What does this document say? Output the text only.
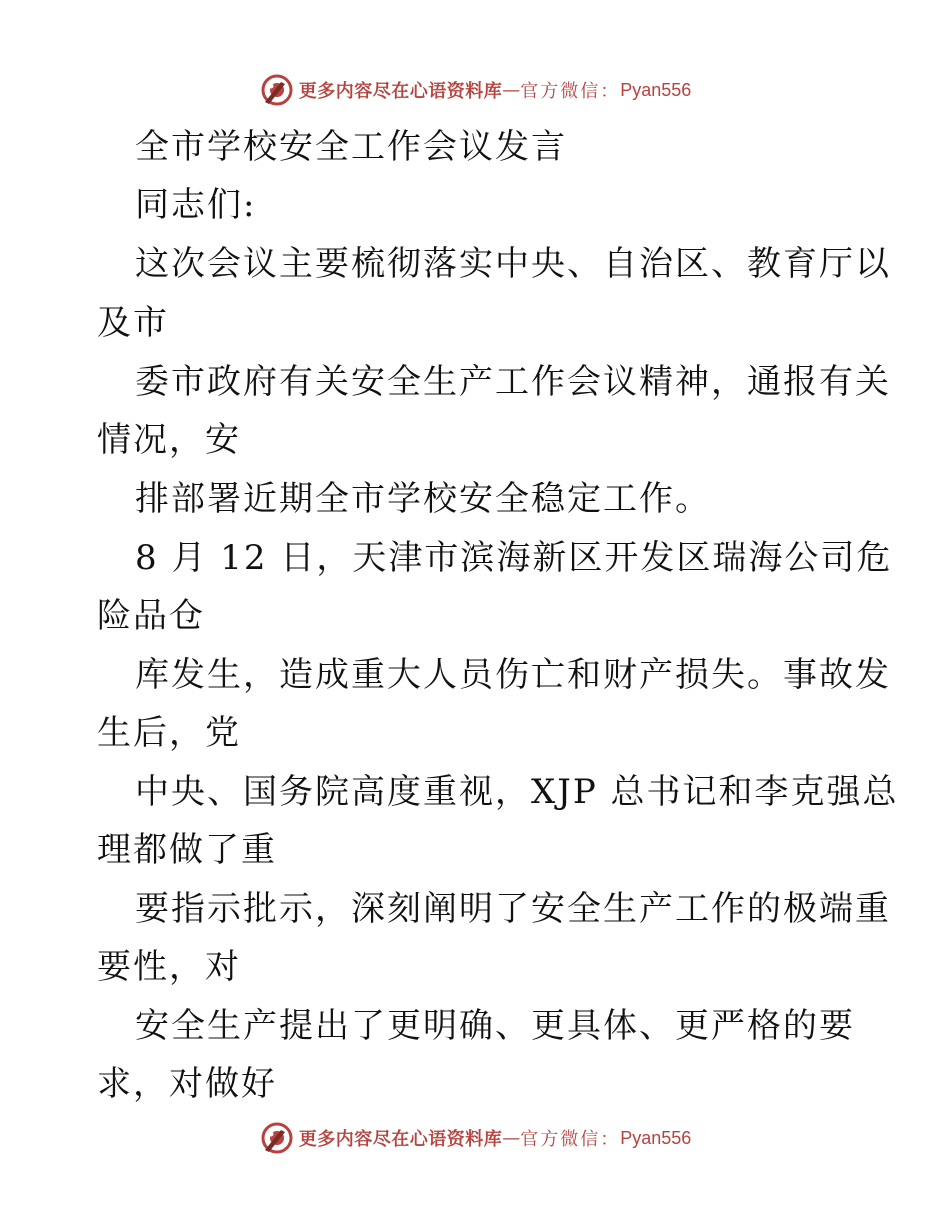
更多内容尽在心语资料库 — 官方微信： Pyan556
全市学校安全工作会议发言
同志们:
这次会议主要梳彻落实中央、自治区、教育厅以
及市
委市政府有关安全生产工作会议精神，通报有关
情况，安
排部署近期全市学校安全稳定工作。
8 月 12 日，天津市滨海新区开发区瑞海公司危
险品仓
库发生，造成重大人员伤亡和财产损失。事故发
生后，党
中央、国务院高度重视，XJP 总书记和李克强总
理都做了重
要指示批示，深刻阐明了安全生产工作的极端重
要性，对
安全生产提出了更明确、更具体、更严格的要
求，对做好
更多内容尽在心语资料库 — 官方微信： Pyan556
